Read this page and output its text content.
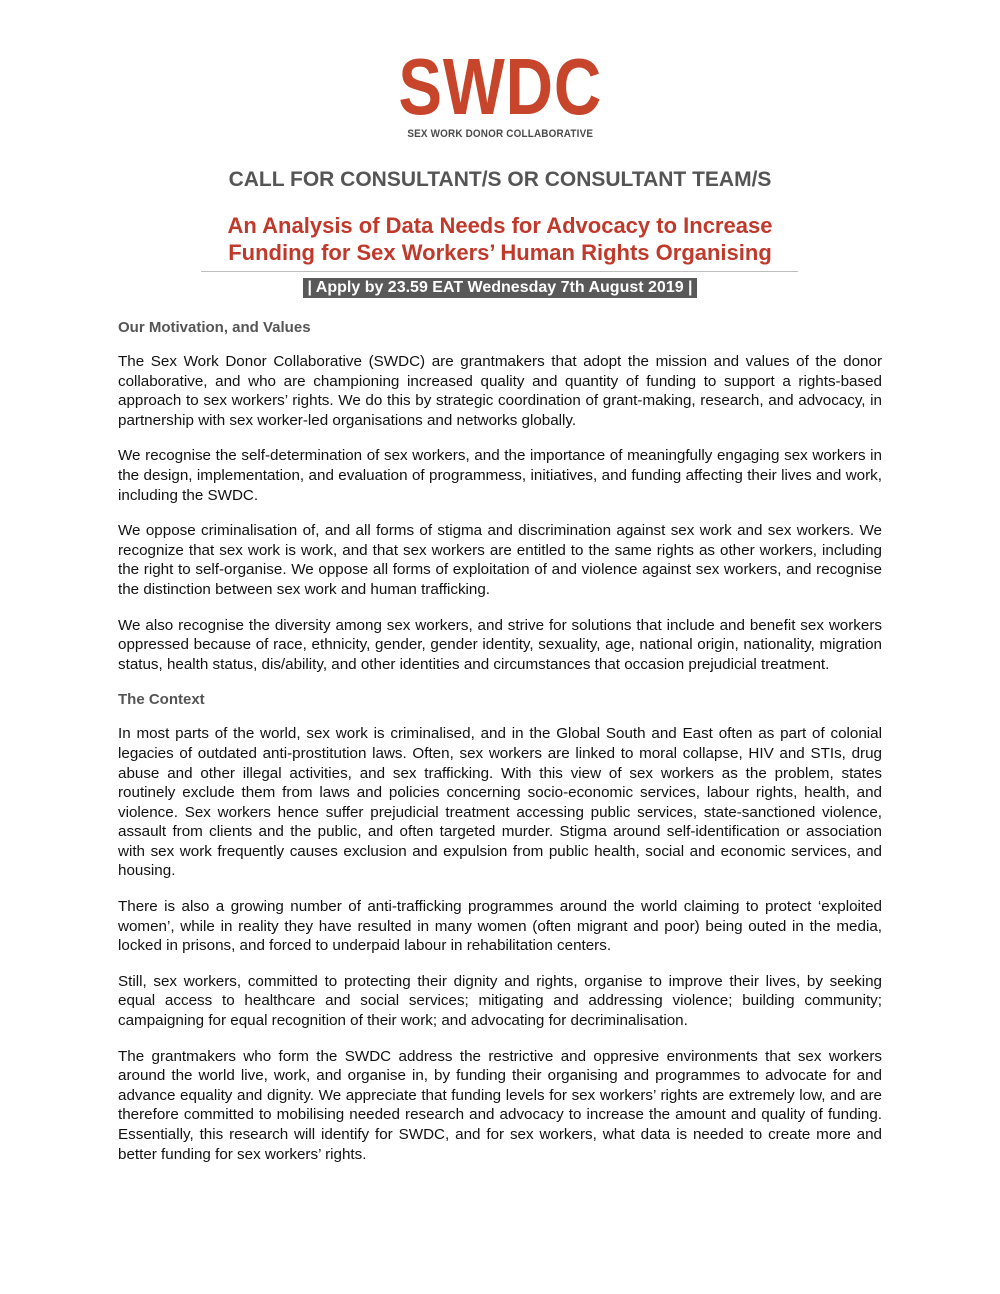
SWDC
SEX WORK DONOR COLLABORATIVE
CALL FOR CONSULTANT/S OR CONSULTANT TEAM/S
An Analysis of Data Needs for Advocacy to Increase
Funding for Sex Workers’ Human Rights Organising
| Apply by 23.59 EAT Wednesday 7th August 2019 |
Our Motivation, and Values

The Sex Work Donor Collaborative (SWDC) are grantmakers that adopt the mission and values of the donor collaborative, and who are championing increased quality and quantity of funding to support a rights-based approach to sex workers’ rights. We do this by strategic coordination of grant-making, research, and advocacy, in partnership with sex worker-led organisations and networks globally.

We recognise the self-determination of sex workers, and the importance of meaningfully engaging sex workers in the design, implementation, and evaluation of programmess, initiatives, and funding affecting their lives and work, including the SWDC.

We oppose criminalisation of, and all forms of stigma and discrimination against sex work and sex workers. We recognize that sex work is work, and that sex workers are entitled to the same rights as other workers, including the right to self-organise. We oppose all forms of exploitation of and violence against sex workers, and recognise the distinction between sex work and human trafficking.

We also recognise the diversity among sex workers, and strive for solutions that include and benefit sex workers oppressed because of race, ethnicity, gender, gender identity, sexuality, age, national origin, nationality, migration status, health status, dis/ability, and other identities and circumstances that occasion prejudicial treatment.

The Context

In most parts of the world, sex work is criminalised, and in the Global South and East often as part of colonial legacies of outdated anti-prostitution laws. Often, sex workers are linked to moral collapse, HIV and STIs, drug abuse and other illegal activities, and sex trafficking. With this view of sex workers as the problem, states routinely exclude them from laws and policies concerning socio-economic services, labour rights, health, and violence. Sex workers hence suffer prejudicial treatment accessing public services, state-sanctioned violence, assault from clients and the public, and often targeted murder. Stigma around self-identification or association with sex work frequently causes exclusion and expulsion from public health, social and economic services, and housing.

There is also a growing number of anti-trafficking programmes around the world claiming to protect ‘exploited women’, while in reality they have resulted in many women (often migrant and poor) being outed in the media, locked in prisons, and forced to underpaid labour in rehabilitation centers.

Still, sex workers, committed to protecting their dignity and rights, organise to improve their lives, by seeking equal access to healthcare and social services; mitigating and addressing violence; building community; campaigning for equal recognition of their work; and advocating for decriminalisation.

The grantmakers who form the SWDC address the restrictive and oppresive environments that sex workers around the world live, work, and organise in, by funding their organising and programmes to advocate for and advance equality and dignity. We appreciate that funding levels for sex workers’ rights are extremely low, and are therefore committed to mobilising needed research and advocacy to increase the amount and quality of funding. Essentially, this research will identify for SWDC, and for sex workers, what data is needed to create more and better funding for sex workers’ rights.
